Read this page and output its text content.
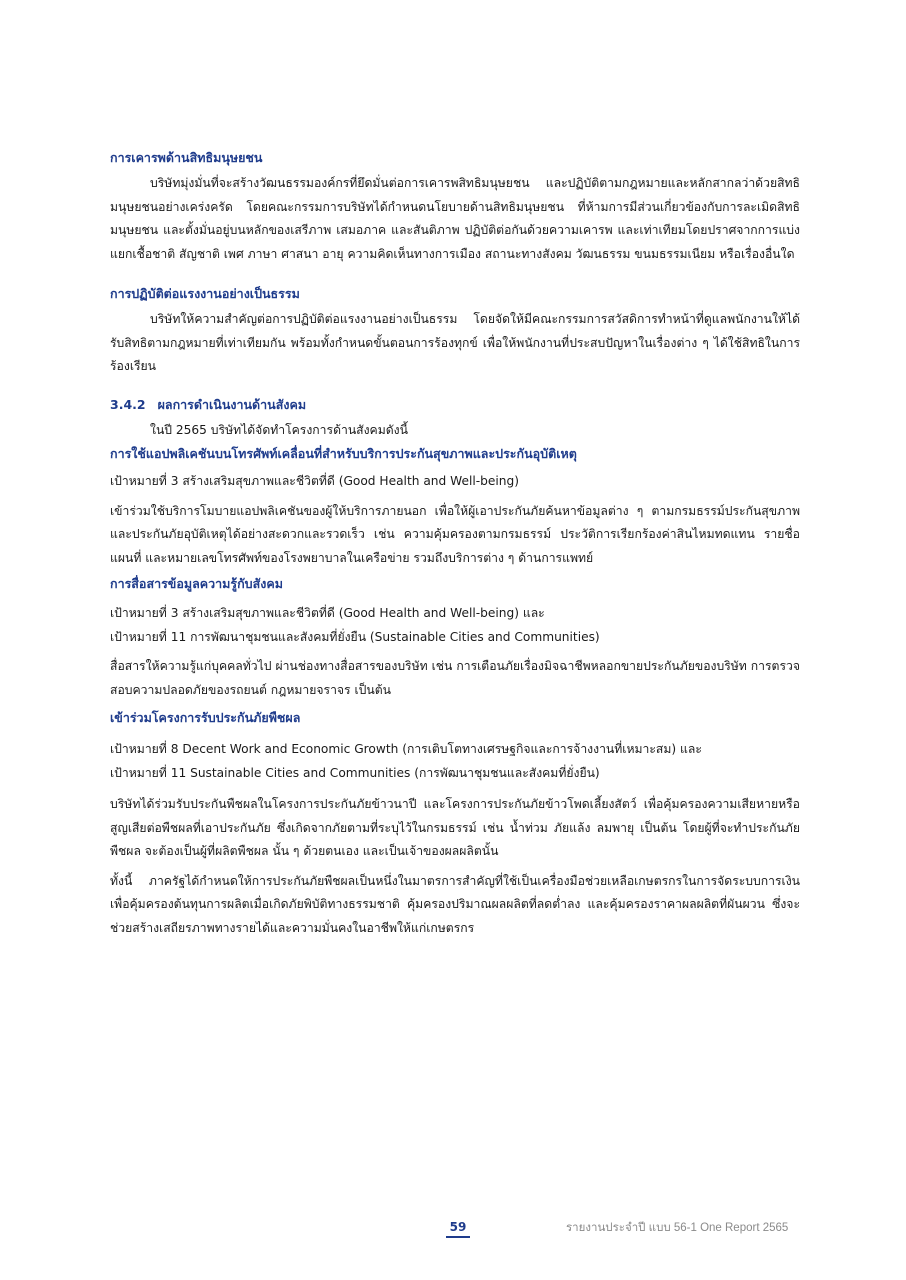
การเคารพด้านสิทธิมนุษยชน

บริษัทมุ่งมั่นที่จะสร้างวัฒนธรรมองค์กรที่ยึดมั่นต่อการเคารพสิทธิมนุษยชน และปฏิบัติตามกฎหมายและหลักสากลว่าด้วยสิทธิมนุษยชนอย่างเคร่งครัด โดยคณะกรรมการบริษัทได้กำหนดนโยบายด้านสิทธิมนุษยชน ที่ห้ามการมีส่วนเกี่ยวข้องกับการละเมิดสิทธิมนุษยชน และตั้งมั่นอยู่บนหลักของเสรีภาพ เสมอภาค และสันติภาพ ปฏิบัติต่อกันด้วยความเคารพ และเท่าเทียมโดยปราศจากการแบ่งแยกเชื้อชาติ สัญชาติ เพศ ภาษา ศาสนา อายุ ความคิดเห็นทางการเมือง สถานะทางสังคม วัฒนธรรม ขนมธรรมเนียม หรือเรื่องอื่นใด

การปฏิบัติต่อแรงงานอย่างเป็นธรรม

บริษัทให้ความสำคัญต่อการปฏิบัติต่อแรงงานอย่างเป็นธรรม โดยจัดให้มีคณะกรรมการสวัสดิการทำหน้าที่ดูแลพนักงานให้ได้รับสิทธิตามกฎหมายที่เท่าเทียมกัน พร้อมทั้งกำหนดขั้นตอนการร้องทุกข์ เพื่อให้พนักงานที่ประสบปัญหาในเรื่องต่าง ๆ ได้ใช้สิทธิในการร้องเรียน

3.4.2 ผลการดำเนินงานด้านสังคม

ในปี 2565 บริษัทได้จัดทำโครงการด้านสังคมดังนี้

การใช้แอปพลิเคชันบนโทรศัพท์เคลื่อนที่สำหรับบริการประกันสุขภาพและประกันอุบัติเหตุ

เป้าหมายที่ 3 สร้างเสริมสุขภาพและชีวิตที่ดี (Good Health and Well-being)

เข้าร่วมใช้บริการโมบายแอปพลิเคชันของผู้ให้บริการภายนอก เพื่อให้ผู้เอาประกันภัยค้นหาข้อมูลต่าง ๆ ตามกรมธรรม์ประกันสุขภาพและประกันภัยอุบัติเหตุได้อย่างสะดวกและรวดเร็ว เช่น ความคุ้มครองตามกรมธรรม์ ประวัติการเรียกร้องค่าสินไหมทดแทน รายชื่อ แผนที่ และหมายเลขโทรศัพท์ของโรงพยาบาลในเครือข่าย รวมถึงบริการต่าง ๆ ด้านการแพทย์

การสื่อสารข้อมูลความรู้กับสังคม

เป้าหมายที่ 3 สร้างเสริมสุขภาพและชีวิตที่ดี (Good Health and Well-being) และ

เป้าหมายที่ 11 การพัฒนาชุมชนและสังคมที่ยั่งยืน (Sustainable Cities and Communities)

สื่อสารให้ความรู้แก่บุคคลทั่วไป ผ่านช่องทางสื่อสารของบริษัท เช่น การเตือนภัยเรื่องมิจฉาชีพหลอกขายประกันภัยของบริษัท การตรวจสอบความปลอดภัยของรถยนต์ กฎหมายจราจร เป็นต้น

เข้าร่วมโครงการรับประกันภัยพืชผล

เป้าหมายที่ 8 Decent Work and Economic Growth (การเติบโตทางเศรษฐกิจและการจ้างงานที่เหมาะสม) และ

เป้าหมายที่ 11 Sustainable Cities and Communities (การพัฒนาชุมชนและสังคมที่ยั่งยืน)

บริษัทได้ร่วมรับประกันพืชผลในโครงการประกันภัยข้าวนาปี และโครงการประกันภัยข้าวโพดเลี้ยงสัตว์ เพื่อคุ้มครองความเสียหายหรือสูญเสียต่อพืชผลที่เอาประกันภัย ซึ่งเกิดจากภัยตามที่ระบุไว้ในกรมธรรม์ เช่น น้ำท่วม ภัยแล้ง ลมพายุ เป็นต้น โดยผู้ที่จะทำประกันภัยพืชผล จะต้องเป็นผู้ที่ผลิตพืชผล นั้น ๆ ด้วยตนเอง และเป็นเจ้าของผลผลิตนั้น

ทั้งนี้ ภาครัฐได้กำหนดให้การประกันภัยพืชผลเป็นหนึ่งในมาตรการสำคัญที่ใช้เป็นเครื่องมือช่วยเหลือเกษตรกรในการจัดระบบการเงิน เพื่อคุ้มครองต้นทุนการผลิตเมื่อเกิดภัยพิบัติทางธรรมชาติ คุ้มครองปริมาณผลผลิตที่ลดต่ำลง และคุ้มครองราคาผลผลิตที่ผันผวน ซึ่งจะช่วยสร้างเสถียรภาพทางรายได้และความมั่นคงในอาชีพให้แก่เกษตรกร

59	รายงานประจำปี แบบ 56-1 One Report 2565
